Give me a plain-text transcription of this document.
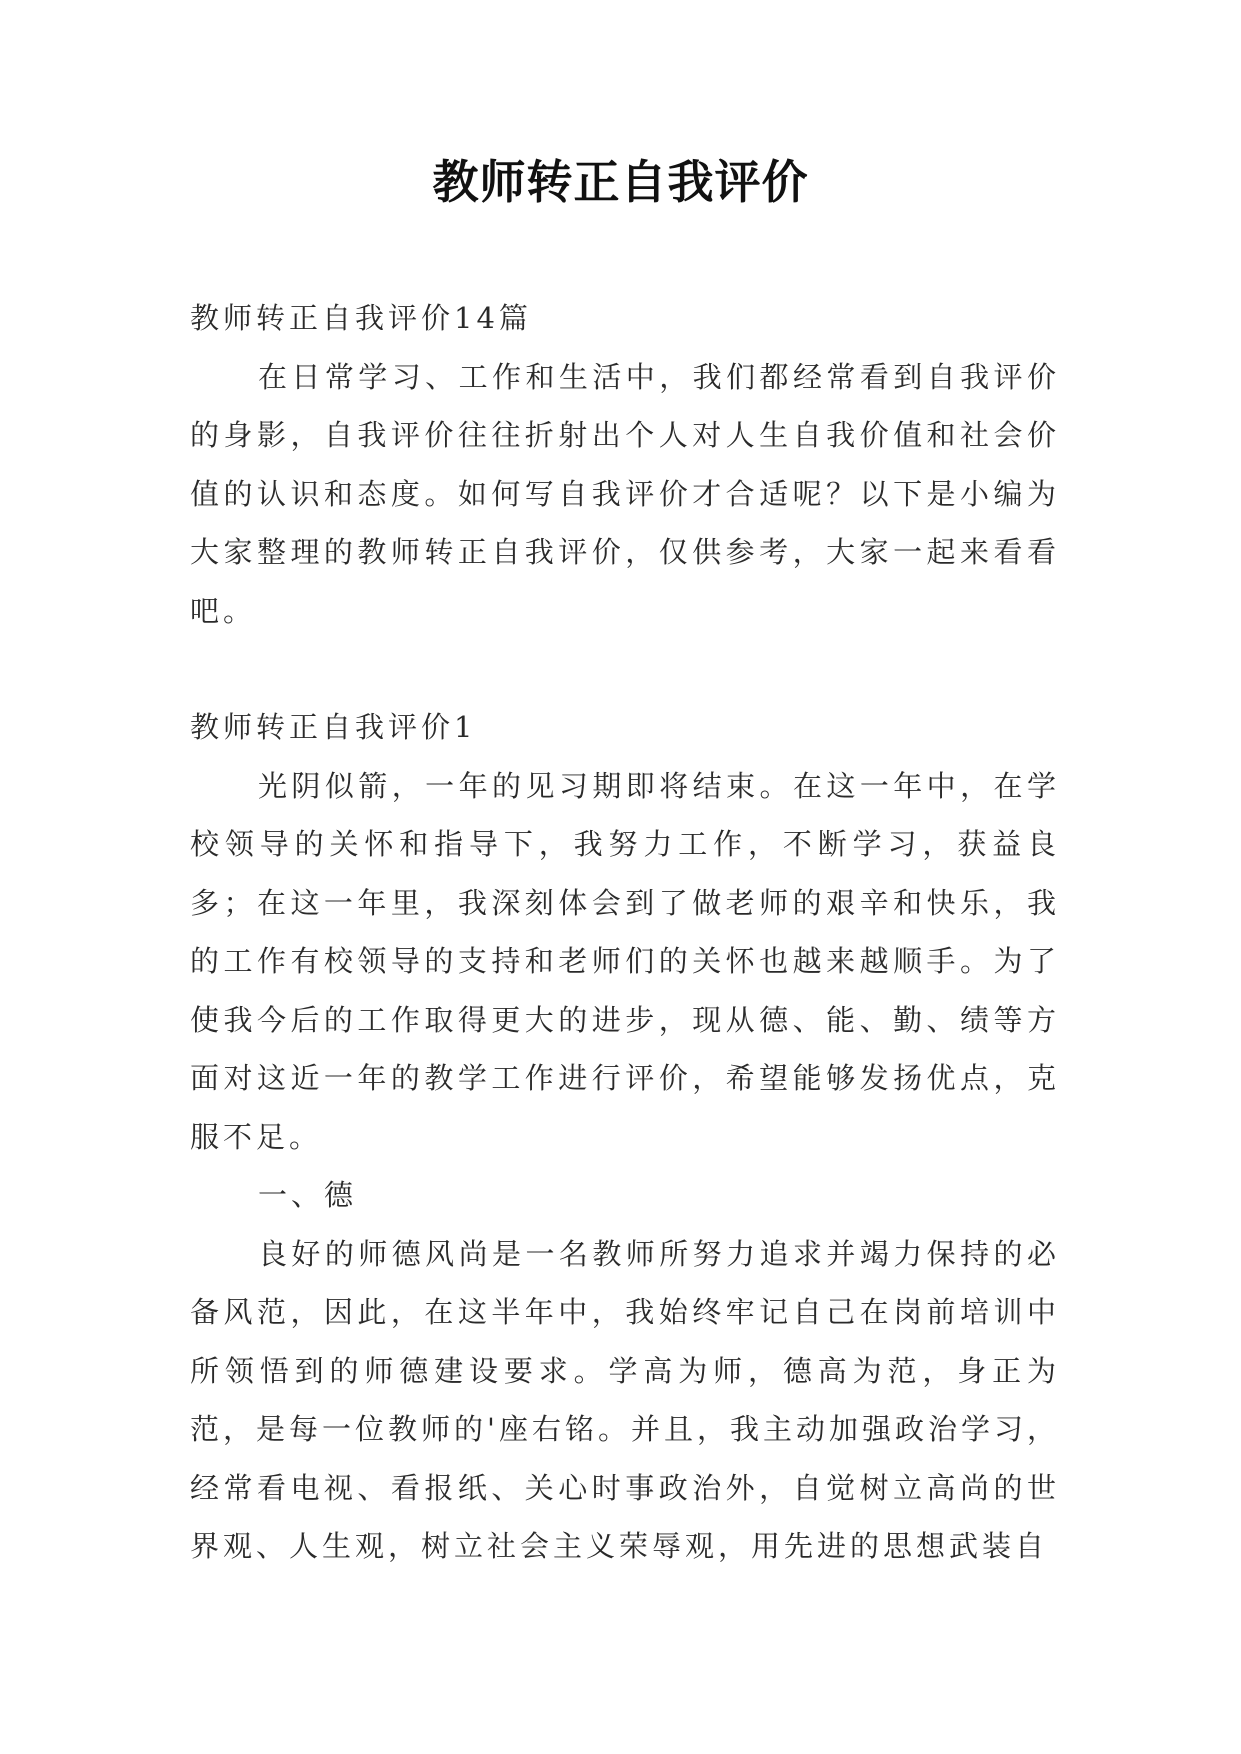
教师转正自我评价

教师转正自我评价14篇

在日常学习、工作和生活中，我们都经常看到自我评价的身影，自我评价往往折射出个人对人生自我价值和社会价值的认识和态度。如何写自我评价才合适呢？以下是小编为大家整理的教师转正自我评价，仅供参考，大家一起来看看吧。

教师转正自我评价1

光阴似箭，一年的见习期即将结束。在这一年中，在学校领导的关怀和指导下，我努力工作，不断学习，获益良多；在这一年里，我深刻体会到了做老师的艰辛和快乐，我的工作有校领导的支持和老师们的关怀也越来越顺手。为了使我今后的工作取得更大的进步，现从德、能、勤、绩等方面对这近一年的教学工作进行评价，希望能够发扬优点，克服不足。

一、德

良好的师德风尚是一名教师所努力追求并竭力保持的必备风范，因此，在这半年中，我始终牢记自己在岗前培训中所领悟到的师德建设要求。学高为师，德高为范，身正为范，是每一位教师的'座右铭。并且，我主动加强政治学习，经常看电视、看报纸、关心时事政治外，自觉树立高尚的世界观、人生观，树立社会主义荣辱观，用先进的思想武装自
